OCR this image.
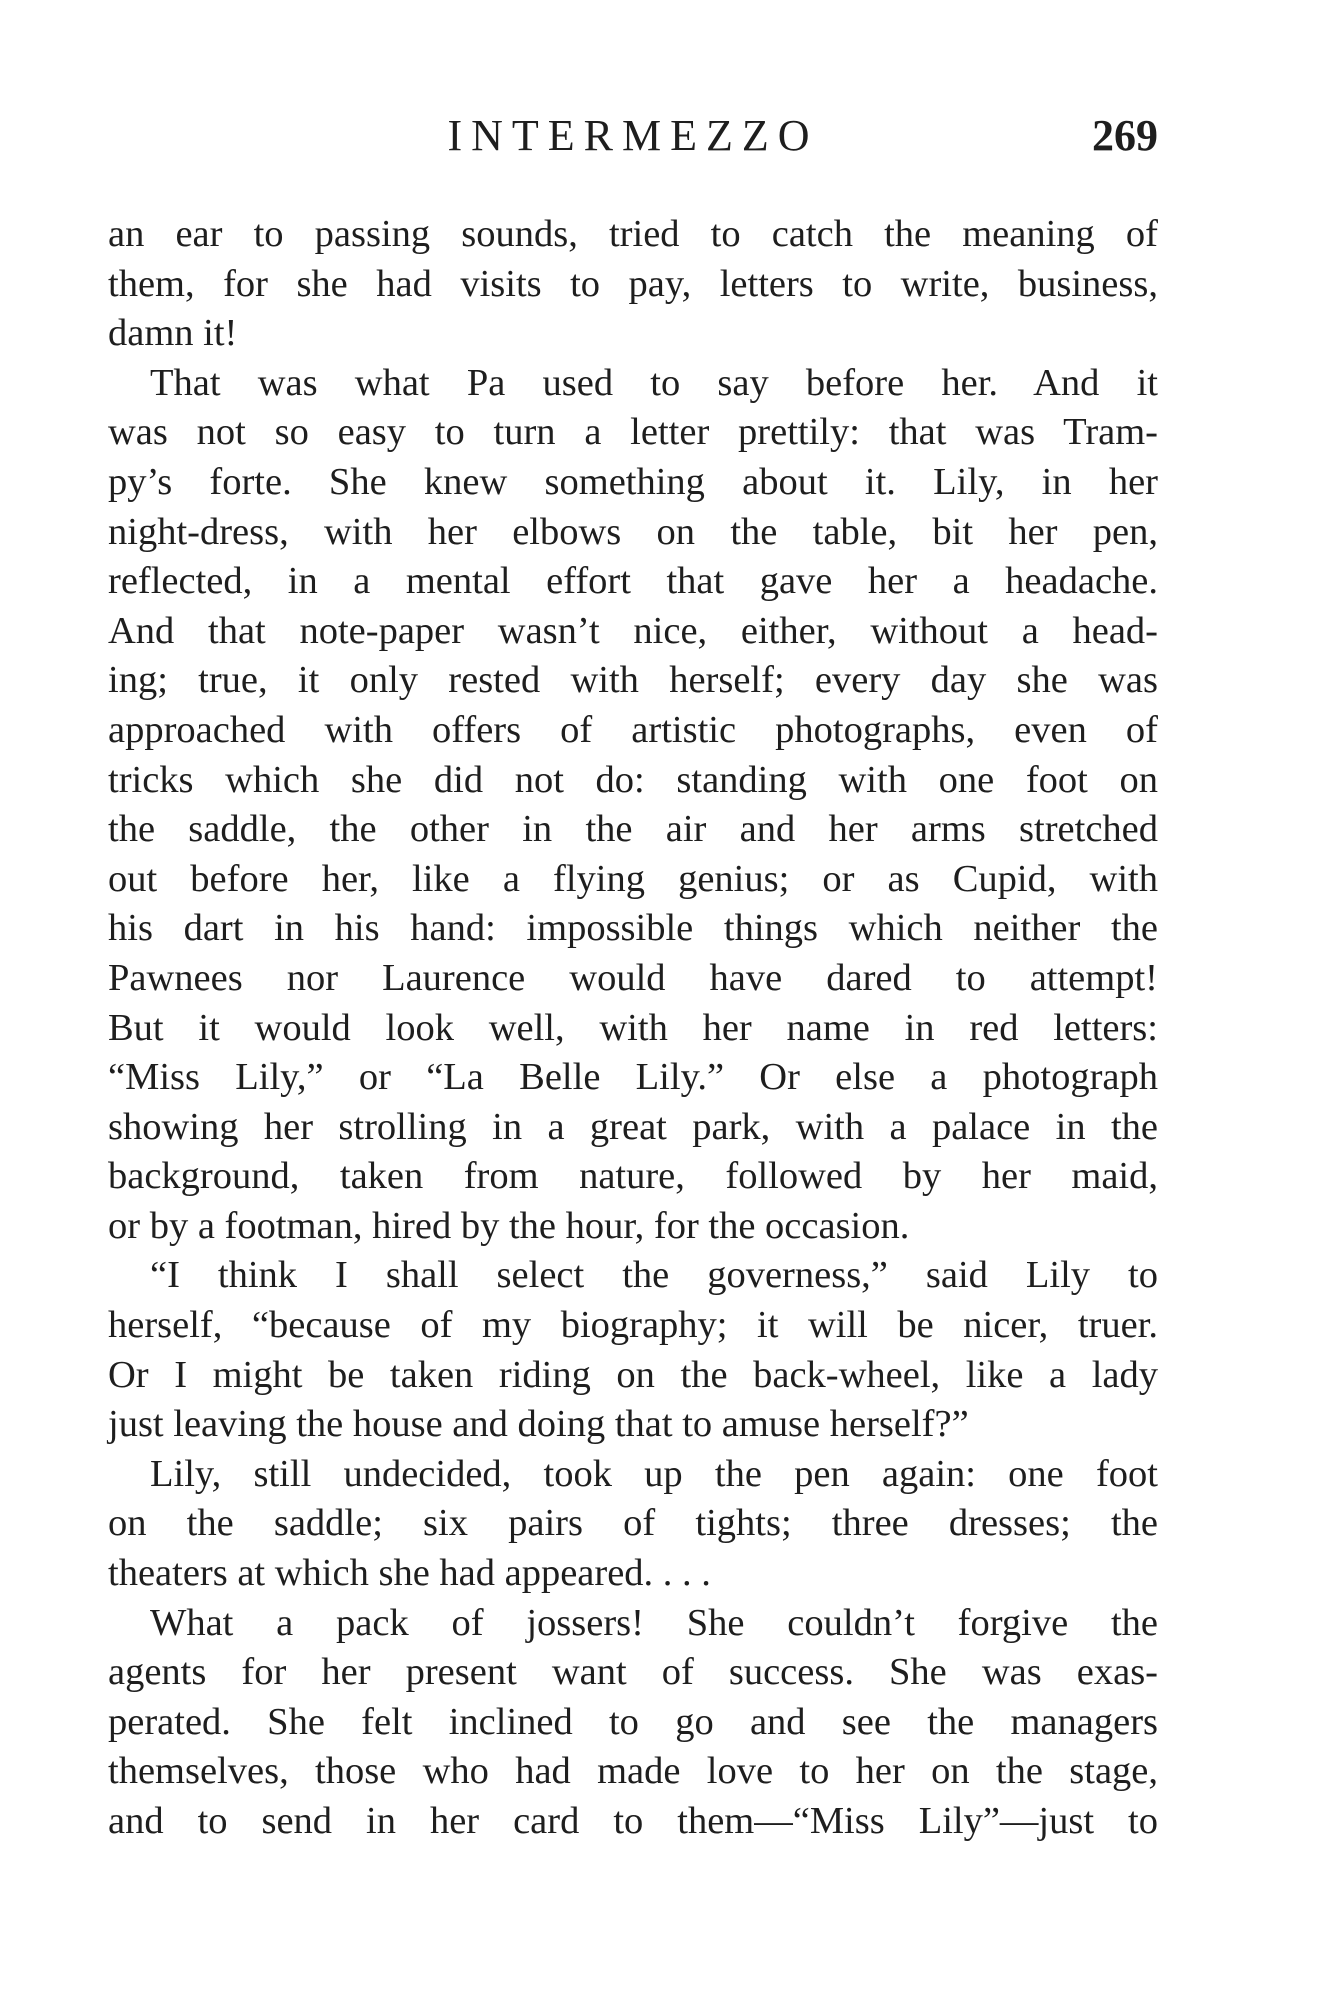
INTERMEZZO	269
an ear to passing sounds, tried to catch the meaning of
them, for she had visits to pay, letters to write, business,
damn it!
That was what Pa used to say before her. And it
was not so easy to turn a letter prettily: that was Tram-
py’s forte. She knew something about it. Lily, in her
night-dress, with her elbows on the table, bit her pen,
reflected, in a mental effort that gave her a headache.
And that note-paper wasn’t nice, either, without a head-
ing; true, it only rested with herself; every day she was
approached with offers of artistic photographs, even of
tricks which she did not do: standing with one foot on
the saddle, the other in the air and her arms stretched
out before her, like a flying genius; or as Cupid, with
his dart in his hand: impossible things which neither the
Pawnees nor Laurence would have dared to attempt!
But it would look well, with her name in red letters:
“Miss Lily,” or “La Belle Lily.” Or else a photograph
showing her strolling in a great park, with a palace in the
background, taken from nature, followed by her maid,
or by a footman, hired by the hour, for the occasion.
“I think I shall select the governess,” said Lily to
herself, “because of my biography; it will be nicer, truer.
Or I might be taken riding on the back-wheel, like a lady
just leaving the house and doing that to amuse herself?”
Lily, still undecided, took up the pen again: one foot
on the saddle; six pairs of tights; three dresses; the
theaters at which she had appeared. . . .
What a pack of jossers! She couldn’t forgive the
agents for her present want of success. She was exas-
perated. She felt inclined to go and see the managers
themselves, those who had made love to her on the stage,
and to send in her card to them—“Miss Lily”—just to
